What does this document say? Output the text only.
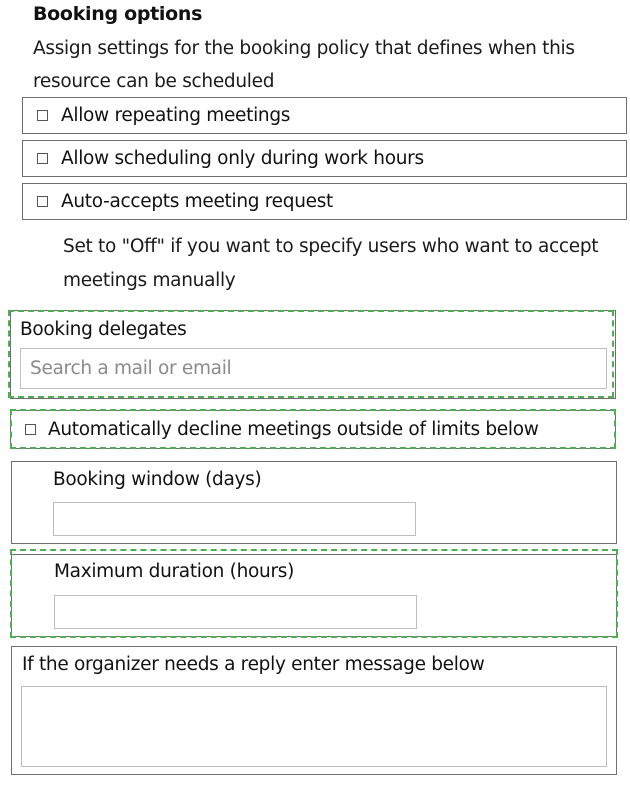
Booking options
Assign settings for the booking policy that defines when this resource can be scheduled
Allow repeating meetings
Allow scheduling only during work hours
Auto-accepts meeting request
Set to "Off" if you want to specify users who want to accept meetings manually
Booking delegates
Search a mail or email
Automatically decline meetings outside of limits below
Booking window (days)
Maximum duration (hours)
If the organizer needs a reply enter message below
